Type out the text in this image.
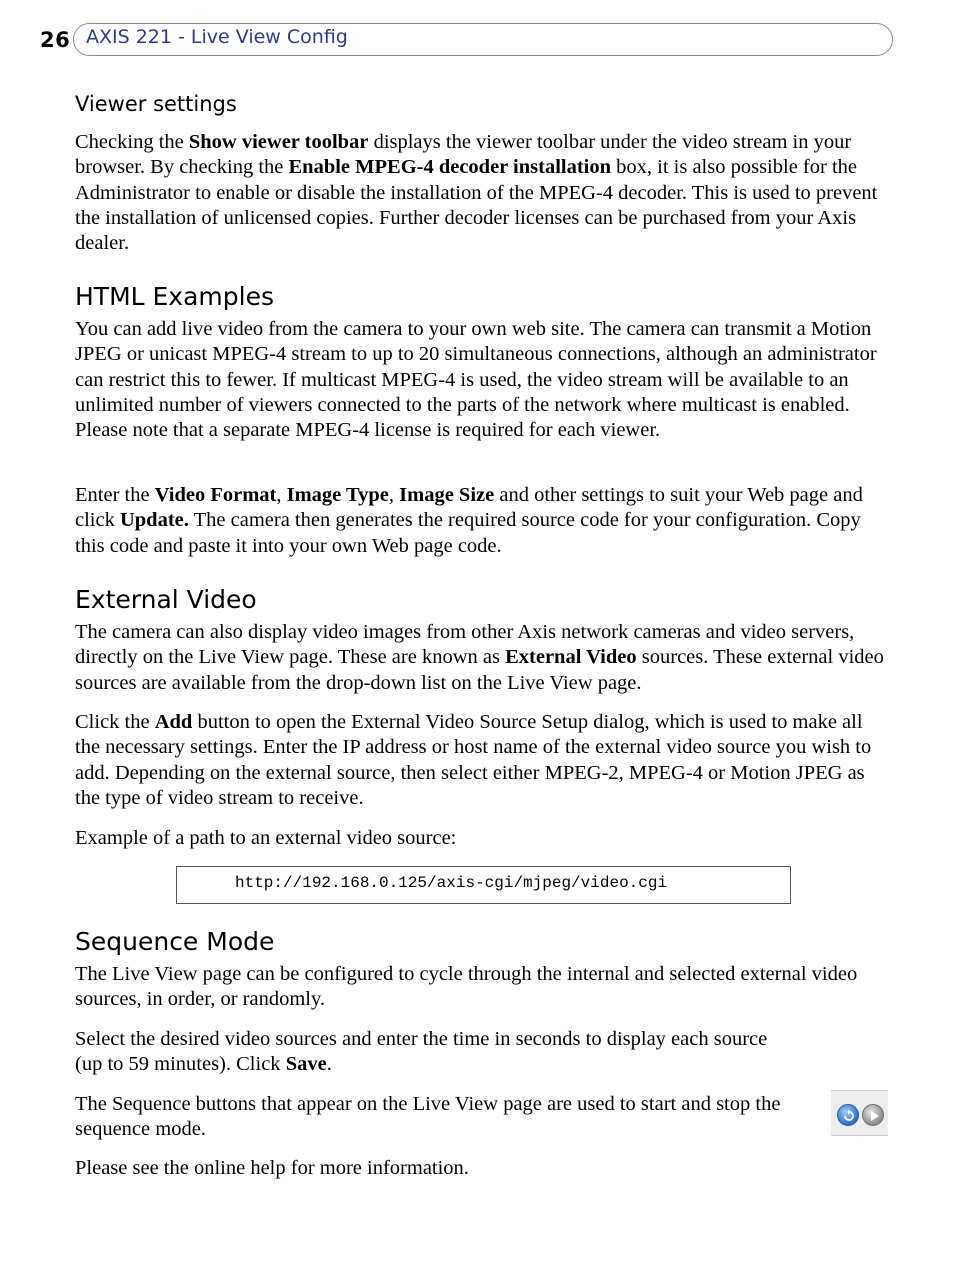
26 AXIS 221 - Live View Config
Viewer settings
Checking the Show viewer toolbar displays the viewer toolbar under the video stream in your browser. By checking the Enable MPEG-4 decoder installation box, it is also possible for the Administrator to enable or disable the installation of the MPEG-4 decoder. This is used to prevent the installation of unlicensed copies. Further decoder licenses can be purchased from your Axis dealer.
HTML Examples
You can add live video from the camera to your own web site. The camera can transmit a Motion JPEG or unicast MPEG-4 stream to up to 20 simultaneous connections, although an administrator can restrict this to fewer. If multicast MPEG-4 is used, the video stream will be available to an unlimited number of viewers connected to the parts of the network where multicast is enabled. Please note that a separate MPEG-4 license is required for each viewer.
Enter the Video Format, Image Type, Image Size and other settings to suit your Web page and click Update. The camera then generates the required source code for your configuration. Copy this code and paste it into your own Web page code.
External Video
The camera can also display video images from other Axis network cameras and video servers, directly on the Live View page. These are known as External Video sources. These external video sources are available from the drop-down list on the Live View page.
Click the Add button to open the External Video Source Setup dialog, which is used to make all the necessary settings. Enter the IP address or host name of the external video source you wish to add. Depending on the external source, then select either MPEG-2, MPEG-4 or Motion JPEG as the type of video stream to receive.
Example of a path to an external video source:
http://192.168.0.125/axis-cgi/mjpeg/video.cgi
Sequence Mode
The Live View page can be configured to cycle through the internal and selected external video sources, in order, or randomly.
Select the desired video sources and enter the time in seconds to display each source (up to 59 minutes). Click Save.
The Sequence buttons that appear on the Live View page are used to start and stop the sequence mode.
Please see the online help for more information.
